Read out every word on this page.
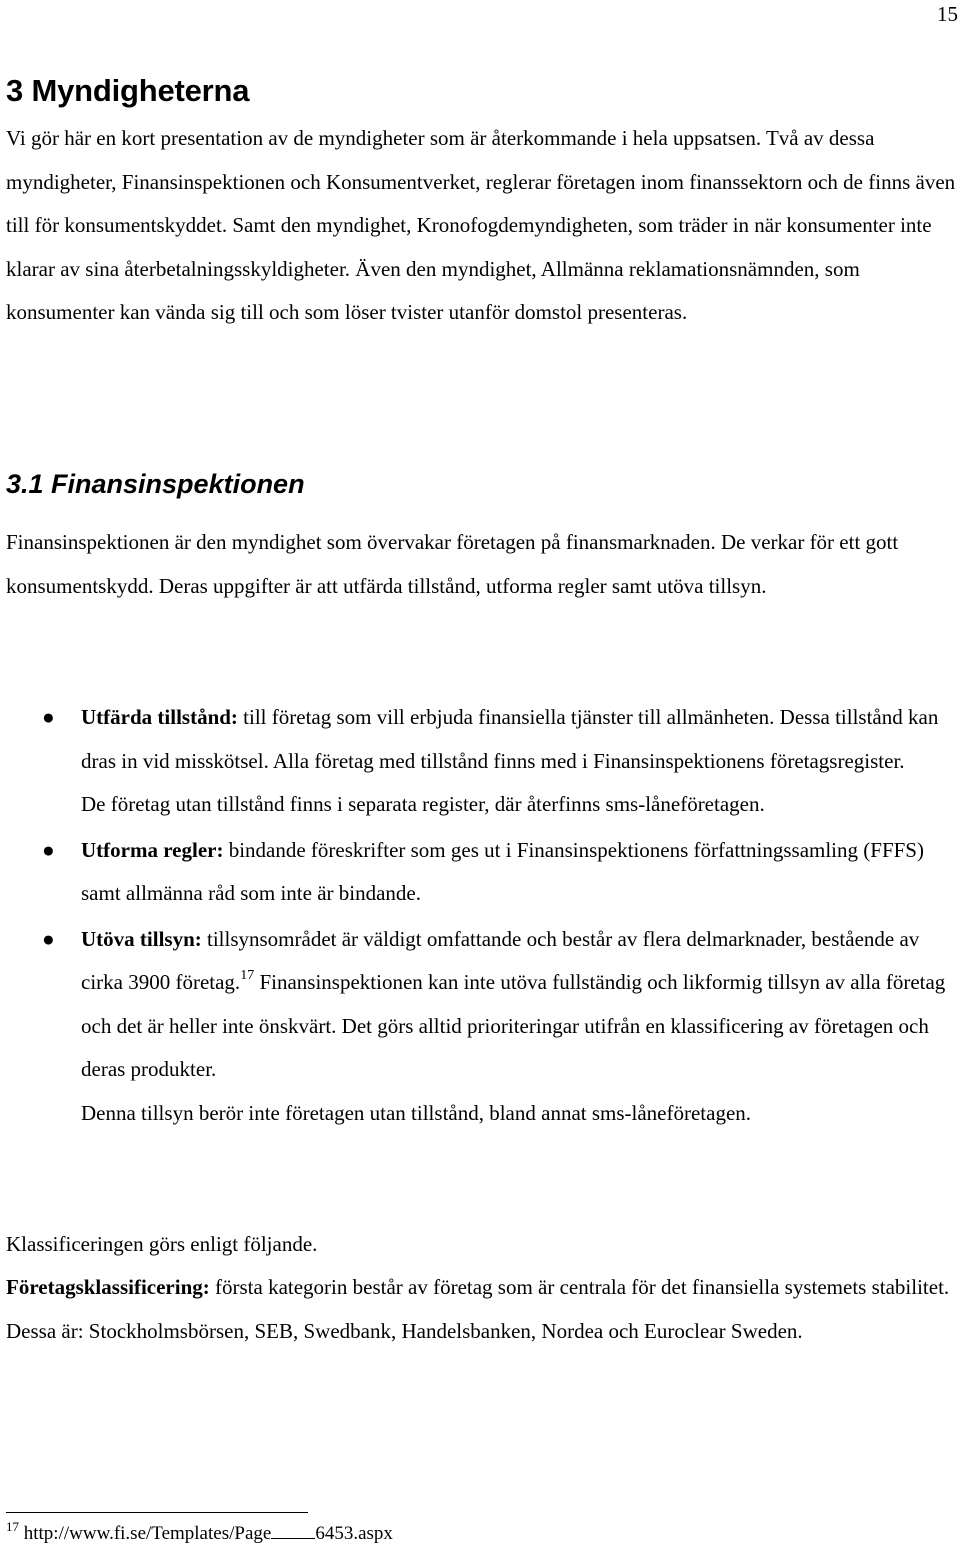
15
3 Myndigheterna

Vi gör här en kort presentation av de myndigheter som är återkommande i hela uppsatsen. Två av dessa myndigheter, Finansinspektionen och Konsumentverket, reglerar företagen inom finanssektorn och de finns även till för konsumentskyddet. Samt den myndighet, Kronofogdemyndigheten, som träder in när konsumenter inte klarar av sina återbetalningsskyldigheter. Även den myndighet, Allmänna reklamationsnämnden, som konsumenter kan vända sig till och som löser tvister utanför domstol presenteras.

3.1 Finansinspektionen

Finansinspektionen är den myndighet som övervakar företagen på finansmarknaden. De verkar för ett gott konsumentskydd. Deras uppgifter är att utfärda tillstånd, utforma regler samt utöva tillsyn.

● Utfärda tillstånd: till företag som vill erbjuda finansiella tjänster till allmänheten. Dessa tillstånd kan dras in vid misskötsel. Alla företag med tillstånd finns med i Finansinspektionens företagsregister.
De företag utan tillstånd finns i separata register, där återfinns sms-låneföretagen.
● Utforma regler: bindande föreskrifter som ges ut i Finansinspektionens författningssamling (FFFS) samt allmänna råd som inte är bindande.
● Utöva tillsyn: tillsynsområdet är väldigt omfattande och består av flera delmarknader, bestående av cirka 3900 företag.$^{17}$ Finansinspektionen kan inte utöva fullständig och likformig tillsyn av alla företag och det är heller inte önskvärt. Det görs alltid prioriteringar utifrån en klassificering av företagen och deras produkter.
Denna tillsyn berör inte företagen utan tillstånd, bland annat sms-låneföretagen.

Klassificeringen görs enligt följande.

Företagsklassificering: första kategorin består av företag som är centrala för det finansiella systemets stabilitet. Dessa är: Stockholmsbörsen, SEB, Swedbank, Handelsbanken, Nordea och Euroclear Sweden.

$^{17}$ http://www.fi.se/Templates/Page 6453.aspx
